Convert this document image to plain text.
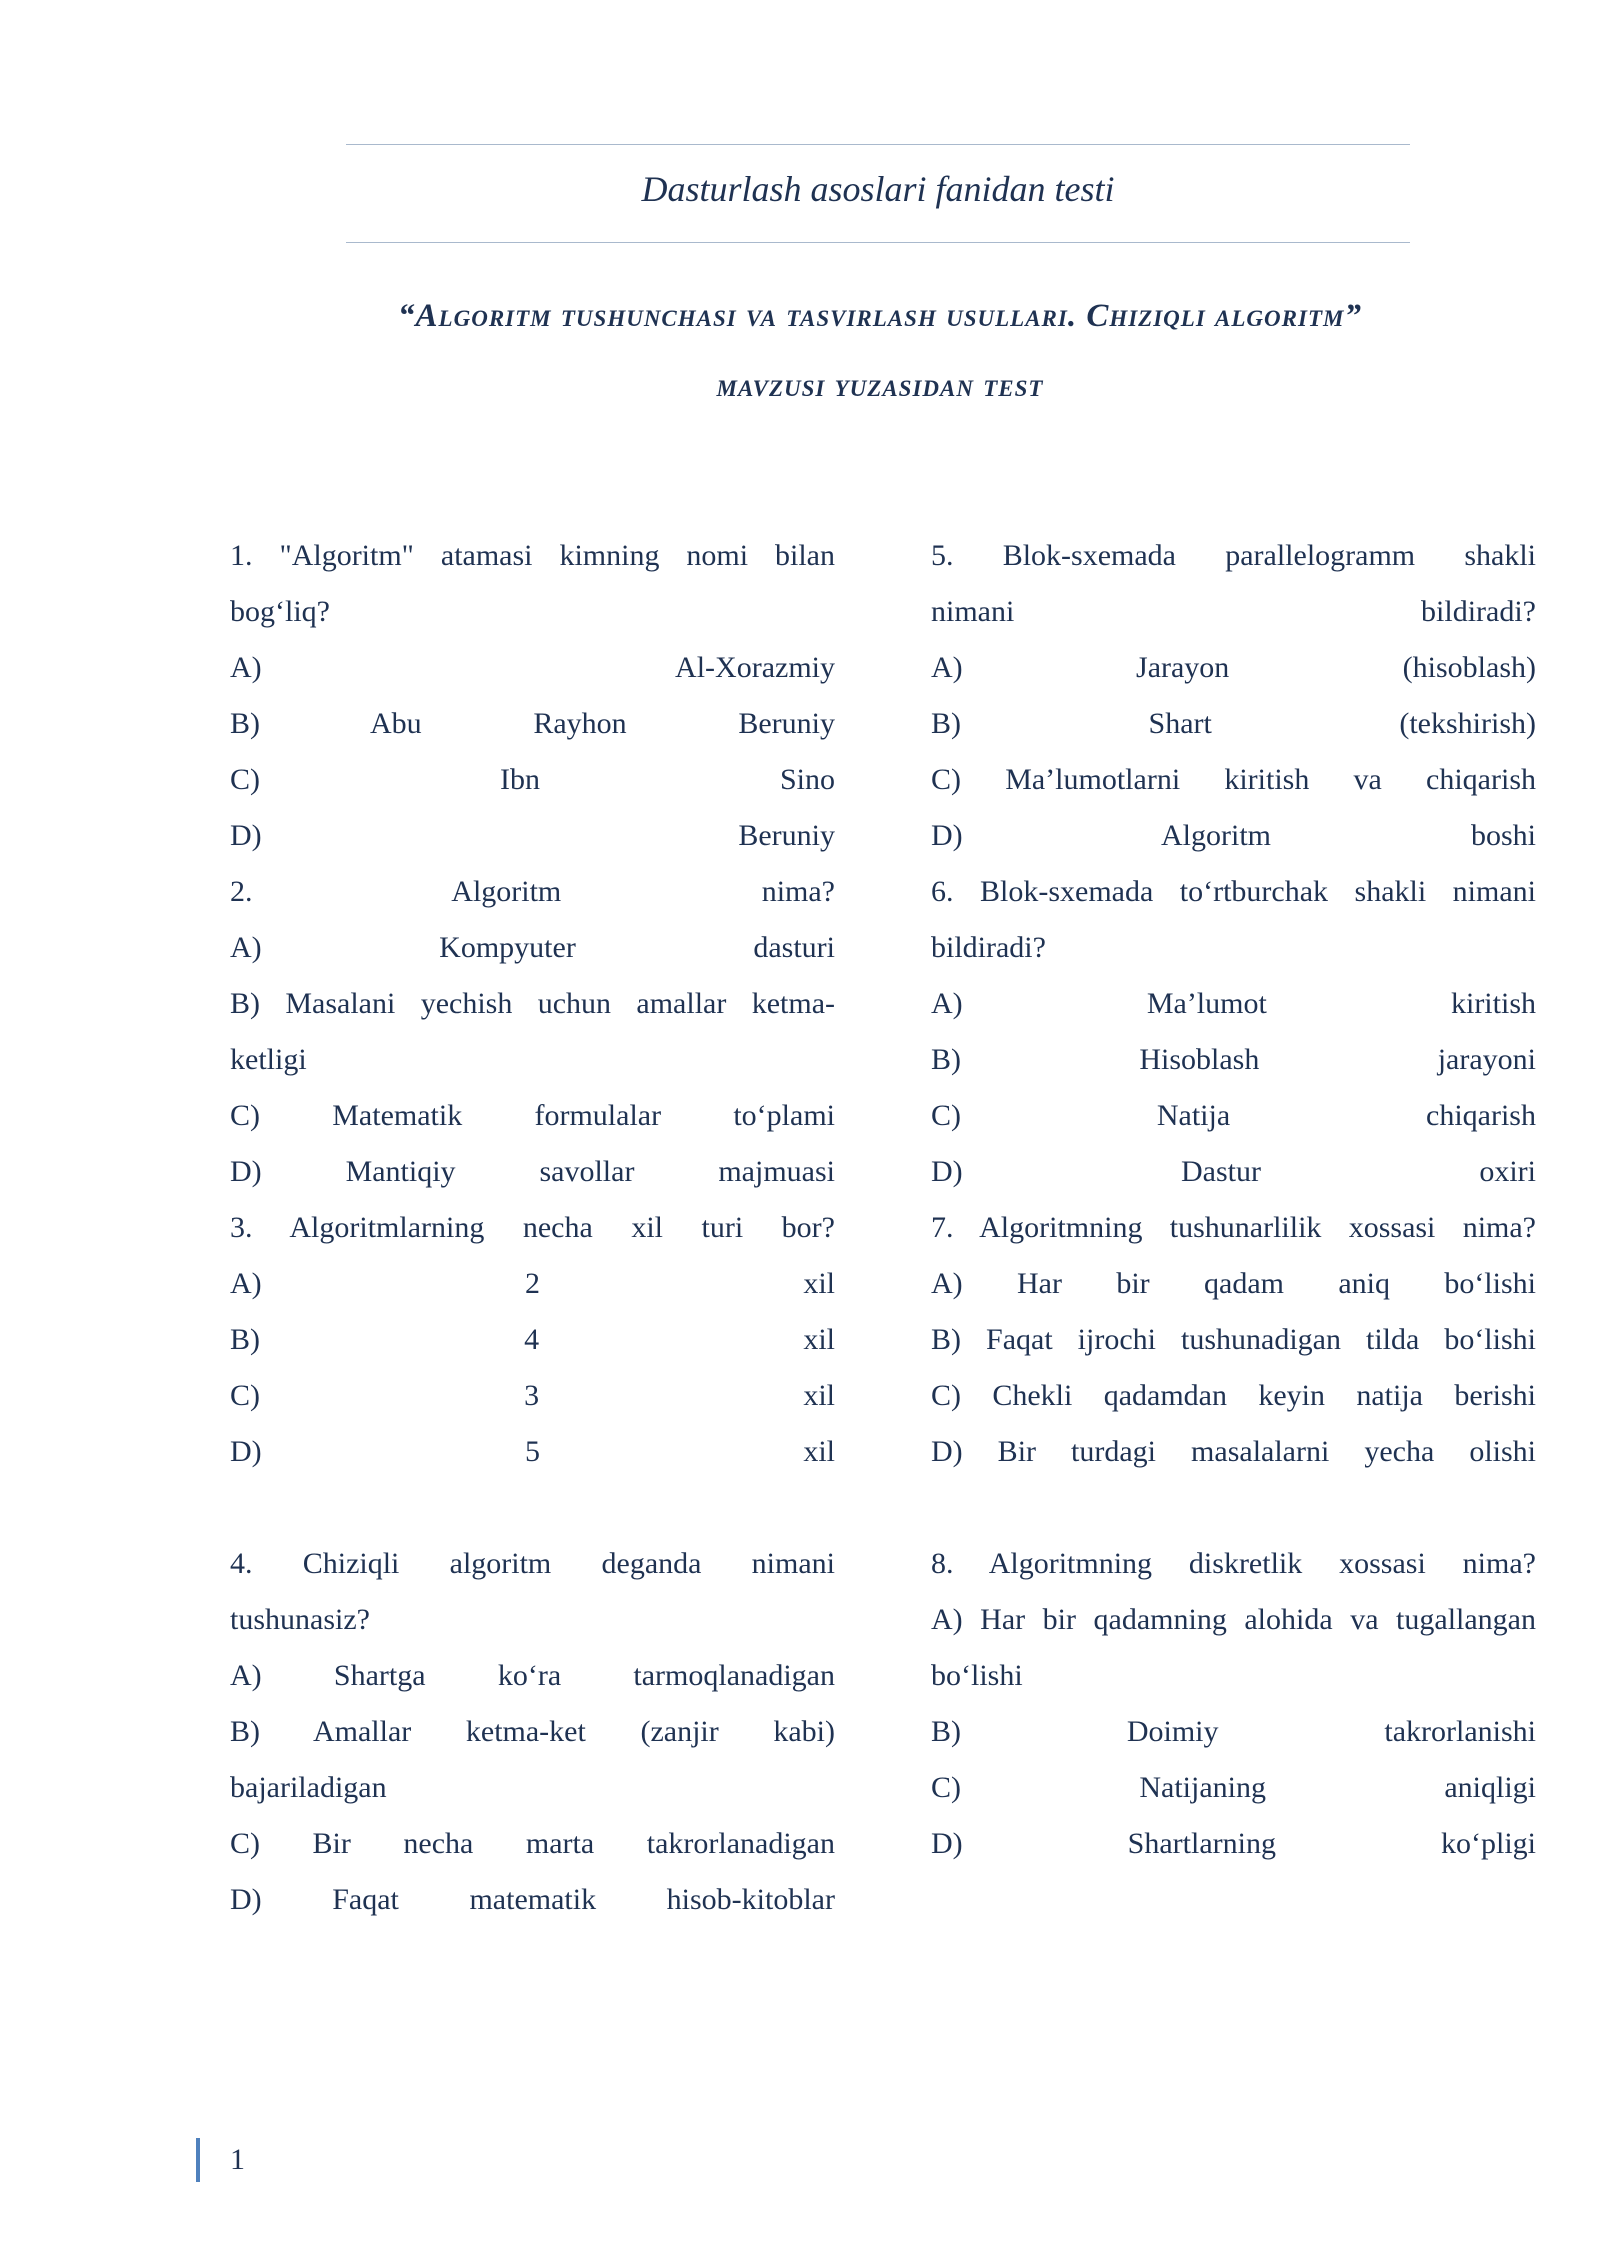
Dasturlash asoslari fanidan testi
“Algoritm tushunchasi va tasvirlash usullari. Chiziqli algoritm”
mavzusi yuzasidan test
1. "Algoritm" atamasi kimning nomi bilan
bog‘liq?
A) Al-Xorazmiy
B) Abu Rayhon Beruniy
C) Ibn Sino
D) Beruniy
2. Algoritm nima?
A) Kompyuter dasturi
B) Masalani yechish uchun amallar ketma-
ketligi
C) Matematik formulalar to‘plami
D) Mantiqiy savollar majmuasi
3. Algoritmlarning necha xil turi bor?
A) 2 xil
B) 4 xil
C) 3 xil
D) 5 xil
4. Chiziqli algoritm deganda nimani
tushunasiz?
A) Shartga ko‘ra tarmoqlanadigan
B) Amallar ketma-ket (zanjir kabi)
bajariladigan
C) Bir necha marta takrorlanadigan
D) Faqat matematik hisob-kitoblar
5. Blok-sxemada parallelogramm shakli
nimani bildiradi?
A) Jarayon (hisoblash)
B) Shart (tekshirish)
C) Ma’lumotlarni kiritish va chiqarish
D) Algoritm boshi
6. Blok-sxemada to‘rtburchak shakli nimani
bildiradi?
A) Ma’lumot kiritish
B) Hisoblash jarayoni
C) Natija chiqarish
D) Dastur oxiri
7. Algoritmning tushunarlilik xossasi nima?
A) Har bir qadam aniq bo‘lishi
B) Faqat ijrochi tushunadigan tilda bo‘lishi
C) Chekli qadamdan keyin natija berishi
D) Bir turdagi masalalarni yecha olishi
8. Algoritmning diskretlik xossasi nima?
A) Har bir qadamning alohida va tugallangan
bo‘lishi
B) Doimiy takrorlanishi
C) Natijaning aniqligi
D) Shartlarning ko‘pligi
1
